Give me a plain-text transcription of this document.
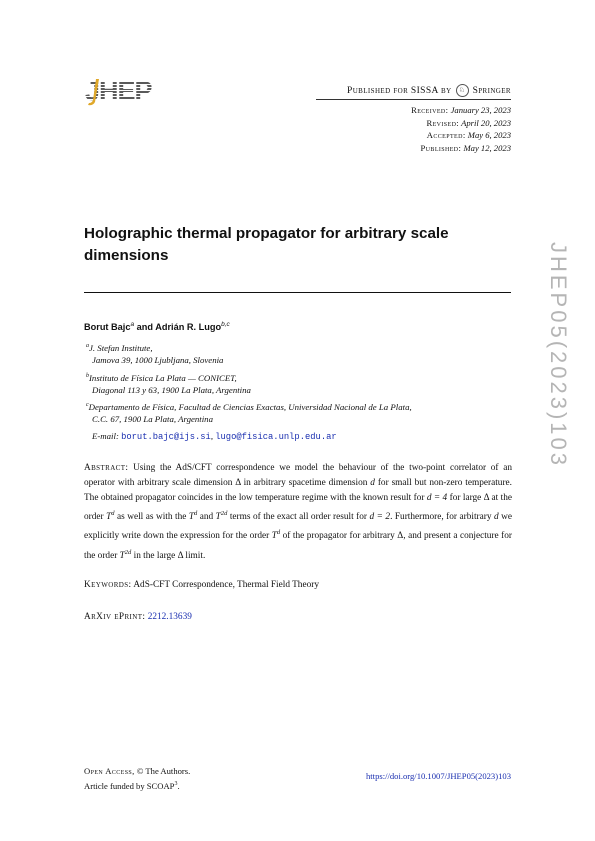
JHEP	Published for SISSA by	♘ Springer
Received: January 23, 2023
Revised: April 20, 2023
Accepted: May 6, 2023
Published: May 12, 2023
JHEP05(2023)103
Holographic thermal propagator for arbitrary scale dimensions
Borut Bajc$^a$ and Adrián R. Lugo$^{b,c}$
$^a$J. Stefan Institute,
Jamova 39, 1000 Ljubljana, Slovenia
$^b$Instituto de Física La Plata — CONICET,
Diagonal 113 y 63, 1900 La Plata, Argentina
$^c$Departamento de Física, Facultad de Ciencias Exactas, Universidad Nacional de La Plata,
C.C. 67, 1900 La Plata, Argentina
E-mail: borut.bajc@ijs.si, lugo@fisica.unlp.edu.ar
Abstract: Using the AdS/CFT correspondence we model the behaviour of the two-point correlator of an operator with arbitrary scale dimension Δ in arbitrary spacetime dimension d for small but non-zero temperature. The obtained propagator coincides in the low temperature regime with the known result for d = 4 for large Δ at the order $T^d$ as well as with the $T^d$ and $T^{2d}$ terms of the exact all order result for d = 2. Furthermore, for arbitrary d we explicitly write down the expression for the order $T^d$ of the propagator for arbitrary Δ, and present a conjecture for the order $T^{2d}$ in the large Δ limit.
Keywords: AdS-CFT Correspondence, Thermal Field Theory
ArXiv ePrint: 2212.13639
Open Access, © The Authors.
Article funded by SCOAP$^3$.
https://doi.org/10.1007/JHEP05(2023)103
